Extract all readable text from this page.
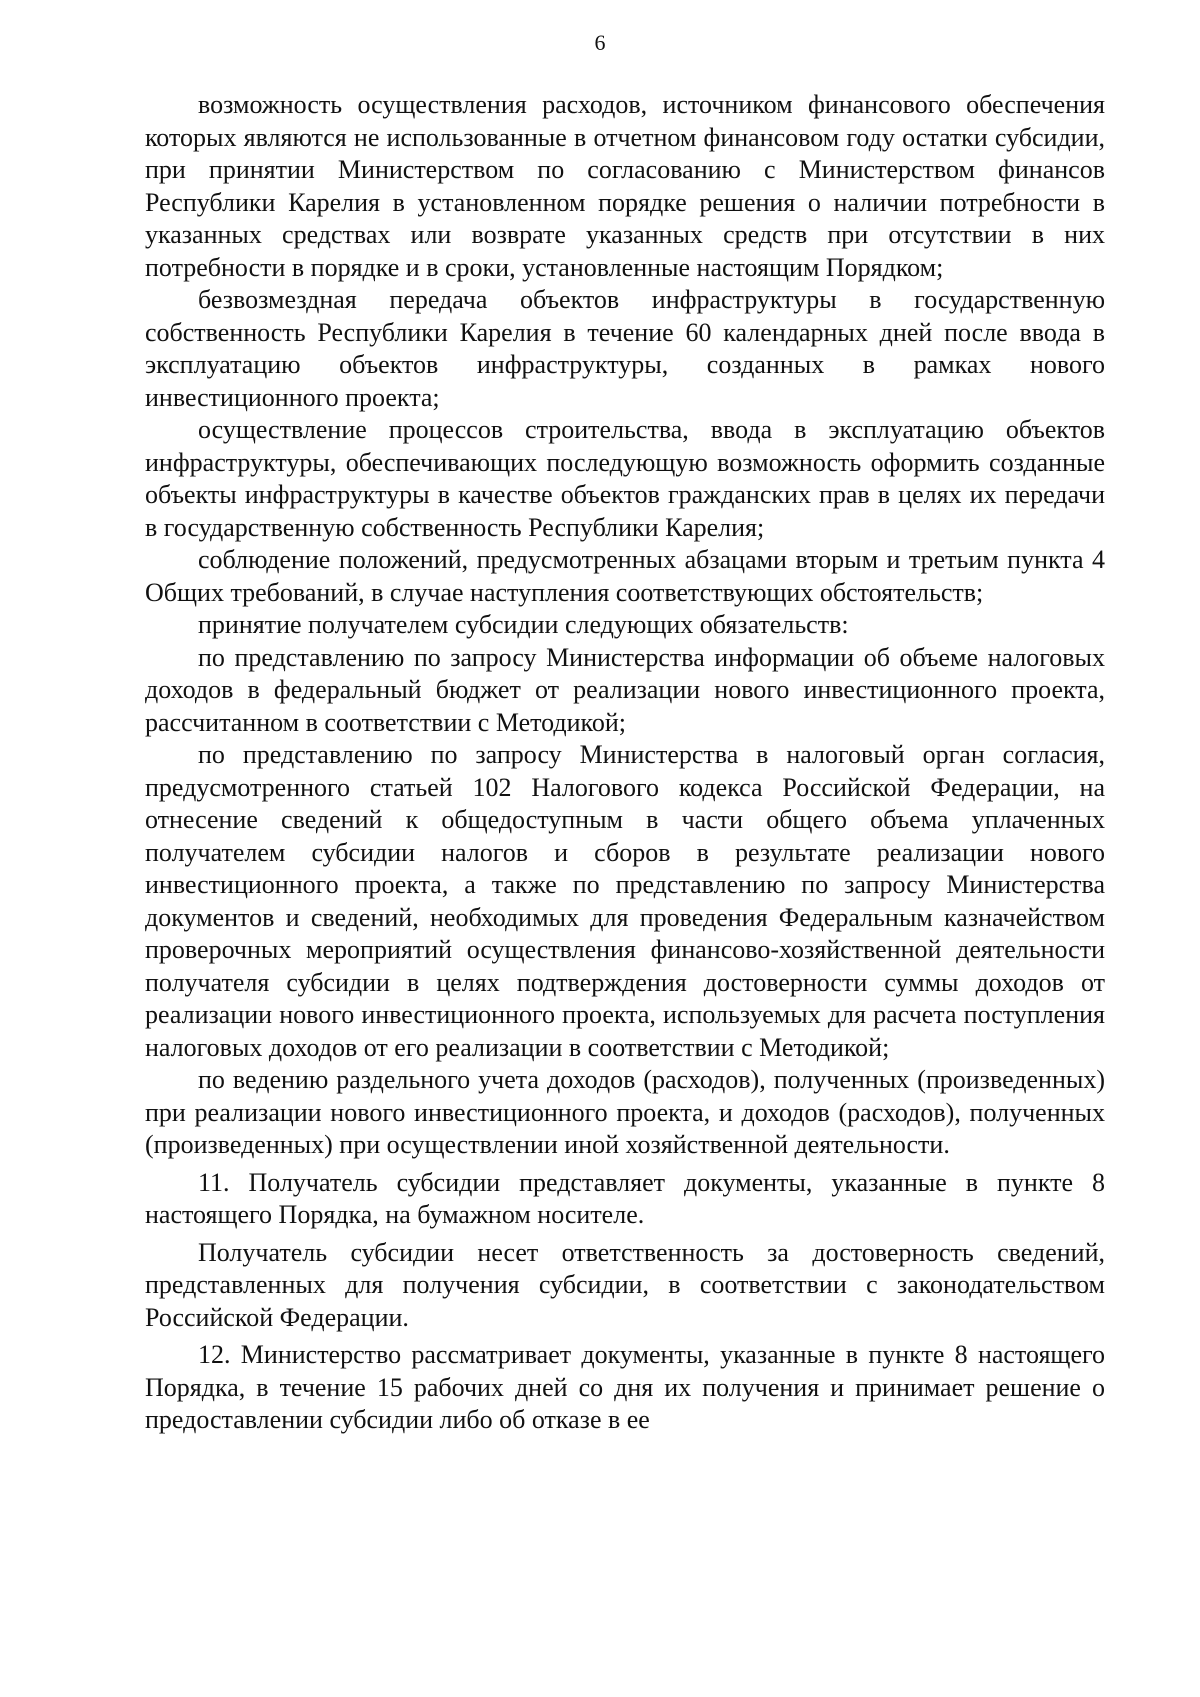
6

возможность осуществления расходов, источником финансового обеспечения которых являются не использованные в отчетном финансовом году остатки субсидии, при принятии Министерством по согласованию с Министерством финансов Республики Карелия в установленном порядке решения о наличии потребности в указанных средствах или возврате указанных средств при отсутствии в них потребности в порядке и в сроки, установленные настоящим Порядком;

безвозмездная передача объектов инфраструктуры в государственную собственность Республики Карелия в течение 60 календарных дней после ввода в эксплуатацию объектов инфраструктуры, созданных в рамках нового инвестиционного проекта;

осуществление процессов строительства, ввода в эксплуатацию объектов инфраструктуры, обеспечивающих последующую возможность оформить созданные объекты инфраструктуры в качестве объектов гражданских прав в целях их передачи в государственную собственность Республики Карелия;

соблюдение положений, предусмотренных абзацами вторым и третьим пункта 4 Общих требований, в случае наступления соответствующих обстоятельств;

принятие получателем субсидии следующих обязательств:

по представлению по запросу Министерства информации об объеме налоговых доходов в федеральный бюджет от реализации нового инвестиционного проекта, рассчитанном в соответствии с Методикой;

по представлению по запросу Министерства в налоговый орган согласия, предусмотренного статьей 102 Налогового кодекса Российской Федерации, на отнесение сведений к общедоступным в части общего объема уплаченных получателем субсидии налогов и сборов в результате реализации нового инвестиционного проекта, а также по представлению по запросу Министерства документов и сведений, необходимых для проведения Федеральным казначейством проверочных мероприятий осуществления финансово-хозяйственной деятельности получателя субсидии в целях подтверждения достоверности суммы доходов от реализации нового инвестиционного проекта, используемых для расчета поступления налоговых доходов от его реализации в соответствии с Методикой;

по ведению раздельного учета доходов (расходов), полученных (произведенных) при реализации нового инвестиционного проекта, и доходов (расходов), полученных (произведенных) при осуществлении иной хозяйственной деятельности.

11. Получатель субсидии представляет документы, указанные в пункте 8 настоящего Порядка, на бумажном носителе.

Получатель субсидии несет ответственность за достоверность сведений, представленных для получения субсидии, в соответствии с законодательством Российской Федерации.

12. Министерство рассматривает документы, указанные в пункте 8 настоящего Порядка, в течение 15 рабочих дней со дня их получения и принимает решение о предоставлении субсидии либо об отказе в ее
